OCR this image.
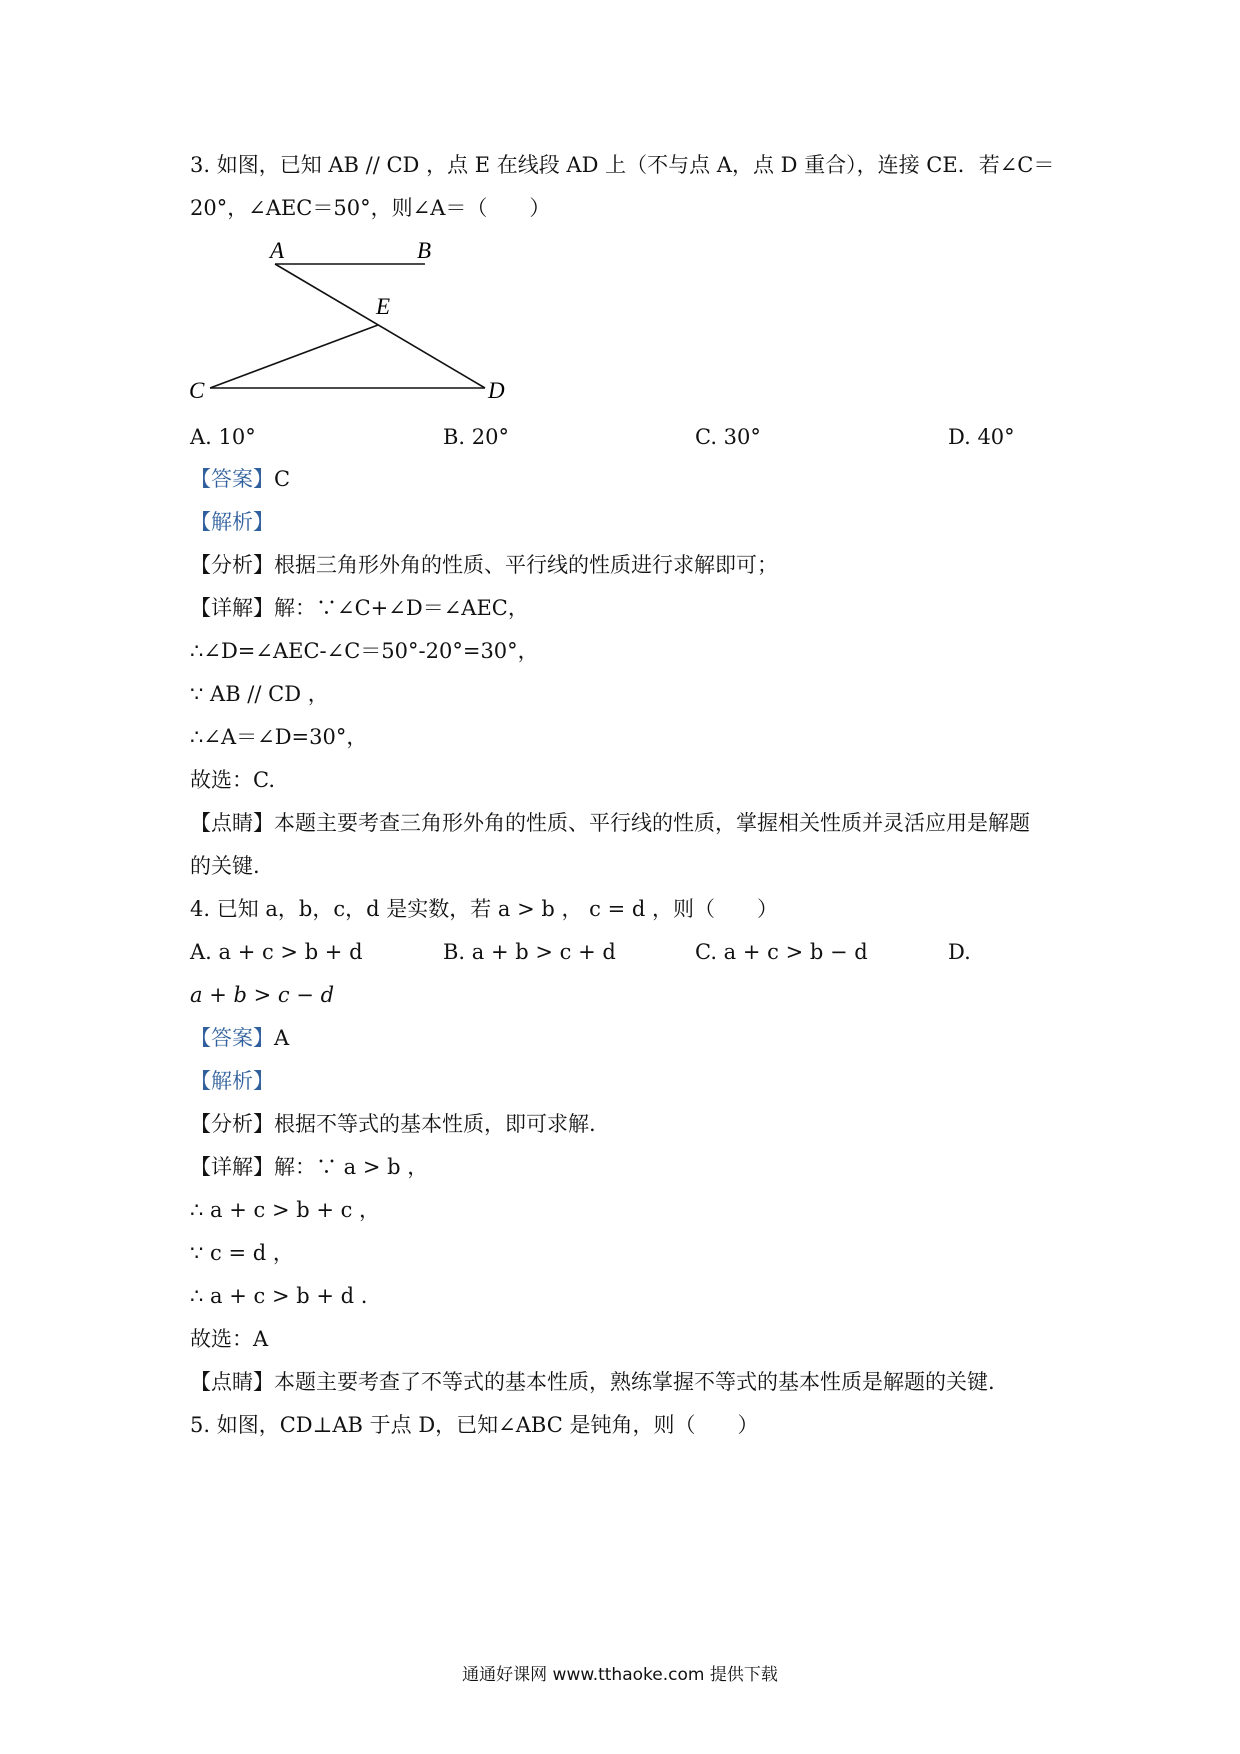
3. 如图，已知 AB // CD ，点 E 在线段 AD 上（不与点 A，点 D 重合），连接 CE．若∠C＝
20°，∠AEC＝50°，则∠A＝（　　）
A	B
E
C	D
A. 10°	B. 20°	C. 30°	D. 40°
【答案】C
【解析】
【分析】根据三角形外角的性质、平行线的性质进行求解即可；
【详解】解：∵∠C+∠D＝∠AEC，
∴∠D=∠AEC-∠C＝50°-20°=30°，
∵ AB // CD ，
∴∠A＝∠D=30°，
故选：C.
【点睛】本题主要考查三角形外角的性质、平行线的性质，掌握相关性质并灵活应用是解题
的关键.
4. 已知 a，b，c，d 是实数，若 a > b ， c = d ，则（　　）
A. a + c > b + d	B. a + b > c + d	C. a + c > b − d	D.
a + b > c − d
【答案】A
【解析】
【分析】根据不等式的基本性质，即可求解.
【详解】解：∵ a > b ，
∴ a + c > b + c ，
∵ c = d ，
∴ a + c > b + d .
故选：A
【点睛】本题主要考查了不等式的基本性质，熟练掌握不等式的基本性质是解题的关键.
5. 如图，CD⊥AB 于点 D，已知∠ABC 是钝角，则（　　）
通通好课网 www.tthaoke.com 提供下载
